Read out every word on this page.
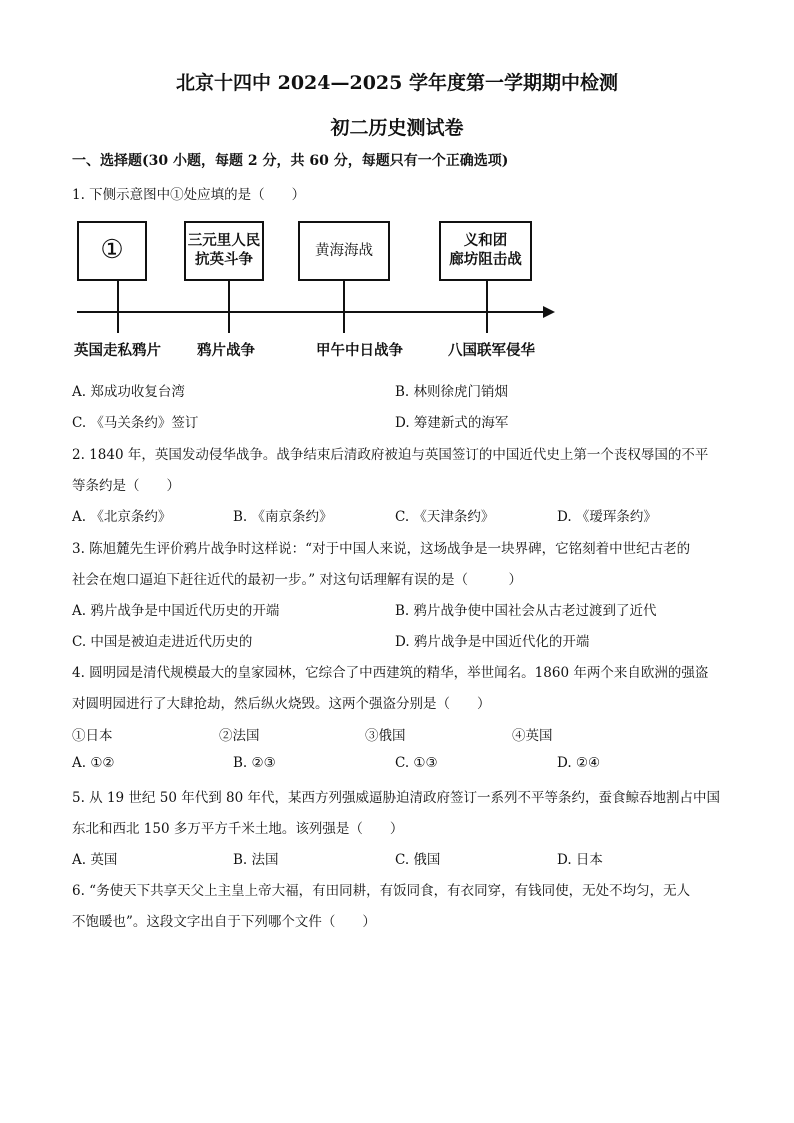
北京十四中 2024—2025 学年度第一学期期中检测
初二历史测试卷
一、选择题(30 小题，每题 2 分，共 60 分，每题只有一个正确选项)
1. 下侧示意图中①处应填的是（　　）
①	三元里人民
抗英斗争
黄海海战
义和团
廊坊阻击战
英国走私鸦片 鸦片战争	甲午中日战争	八国联军侵华
A. 郑成功收复台湾	B. 林则徐虎门销烟
C. 《马关条约》签订	D. 筹建新式的海军
2. 1840 年，英国发动侵华战争。战争结束后清政府被迫与英国签订的中国近代史上第一个丧权辱国的不平
等条约是（　　）
A. 《北京条约》	B. 《南京条约》	C. 《天津条约》	D. 《瑷珲条约》
3. 陈旭麓先生评价鸦片战争时这样说：“对于中国人来说，这场战争是一块界碑，它铭刻着中世纪古老的
社会在炮口逼迫下赶往近代的最初一步。” 对这句话理解有误的是（　　　）
A. 鸦片战争是中国近代历史的开端	B. 鸦片战争使中国社会从古老过渡到了近代
C. 中国是被迫走进近代历史的	D. 鸦片战争是中国近代化的开端
4. 圆明园是清代规模最大的皇家园林，它综合了中西建筑的精华，举世闻名。1860 年两个来自欧洲的强盗
对圆明园进行了大肆抢劫，然后纵火烧毁。这两个强盗分别是（　　）
①日本	②法国	③俄国	④英国
A. ①②	B. ②③	C. ①③	D. ②④
5. 从 19 世纪 50 年代到 80 年代，某西方列强威逼胁迫清政府签订一系列不平等条约，蚕食鲸吞地割占中国
东北和西北 150 多万平方千米土地。该列强是（　　）
A. 英国	B. 法国	C. 俄国	D. 日本
6. “务使天下共享天父上主皇上帝大福，有田同耕，有饭同食，有衣同穿，有钱同使，无处不均匀，无人
不饱暖也”。这段文字出自于下列哪个文件（　　）
